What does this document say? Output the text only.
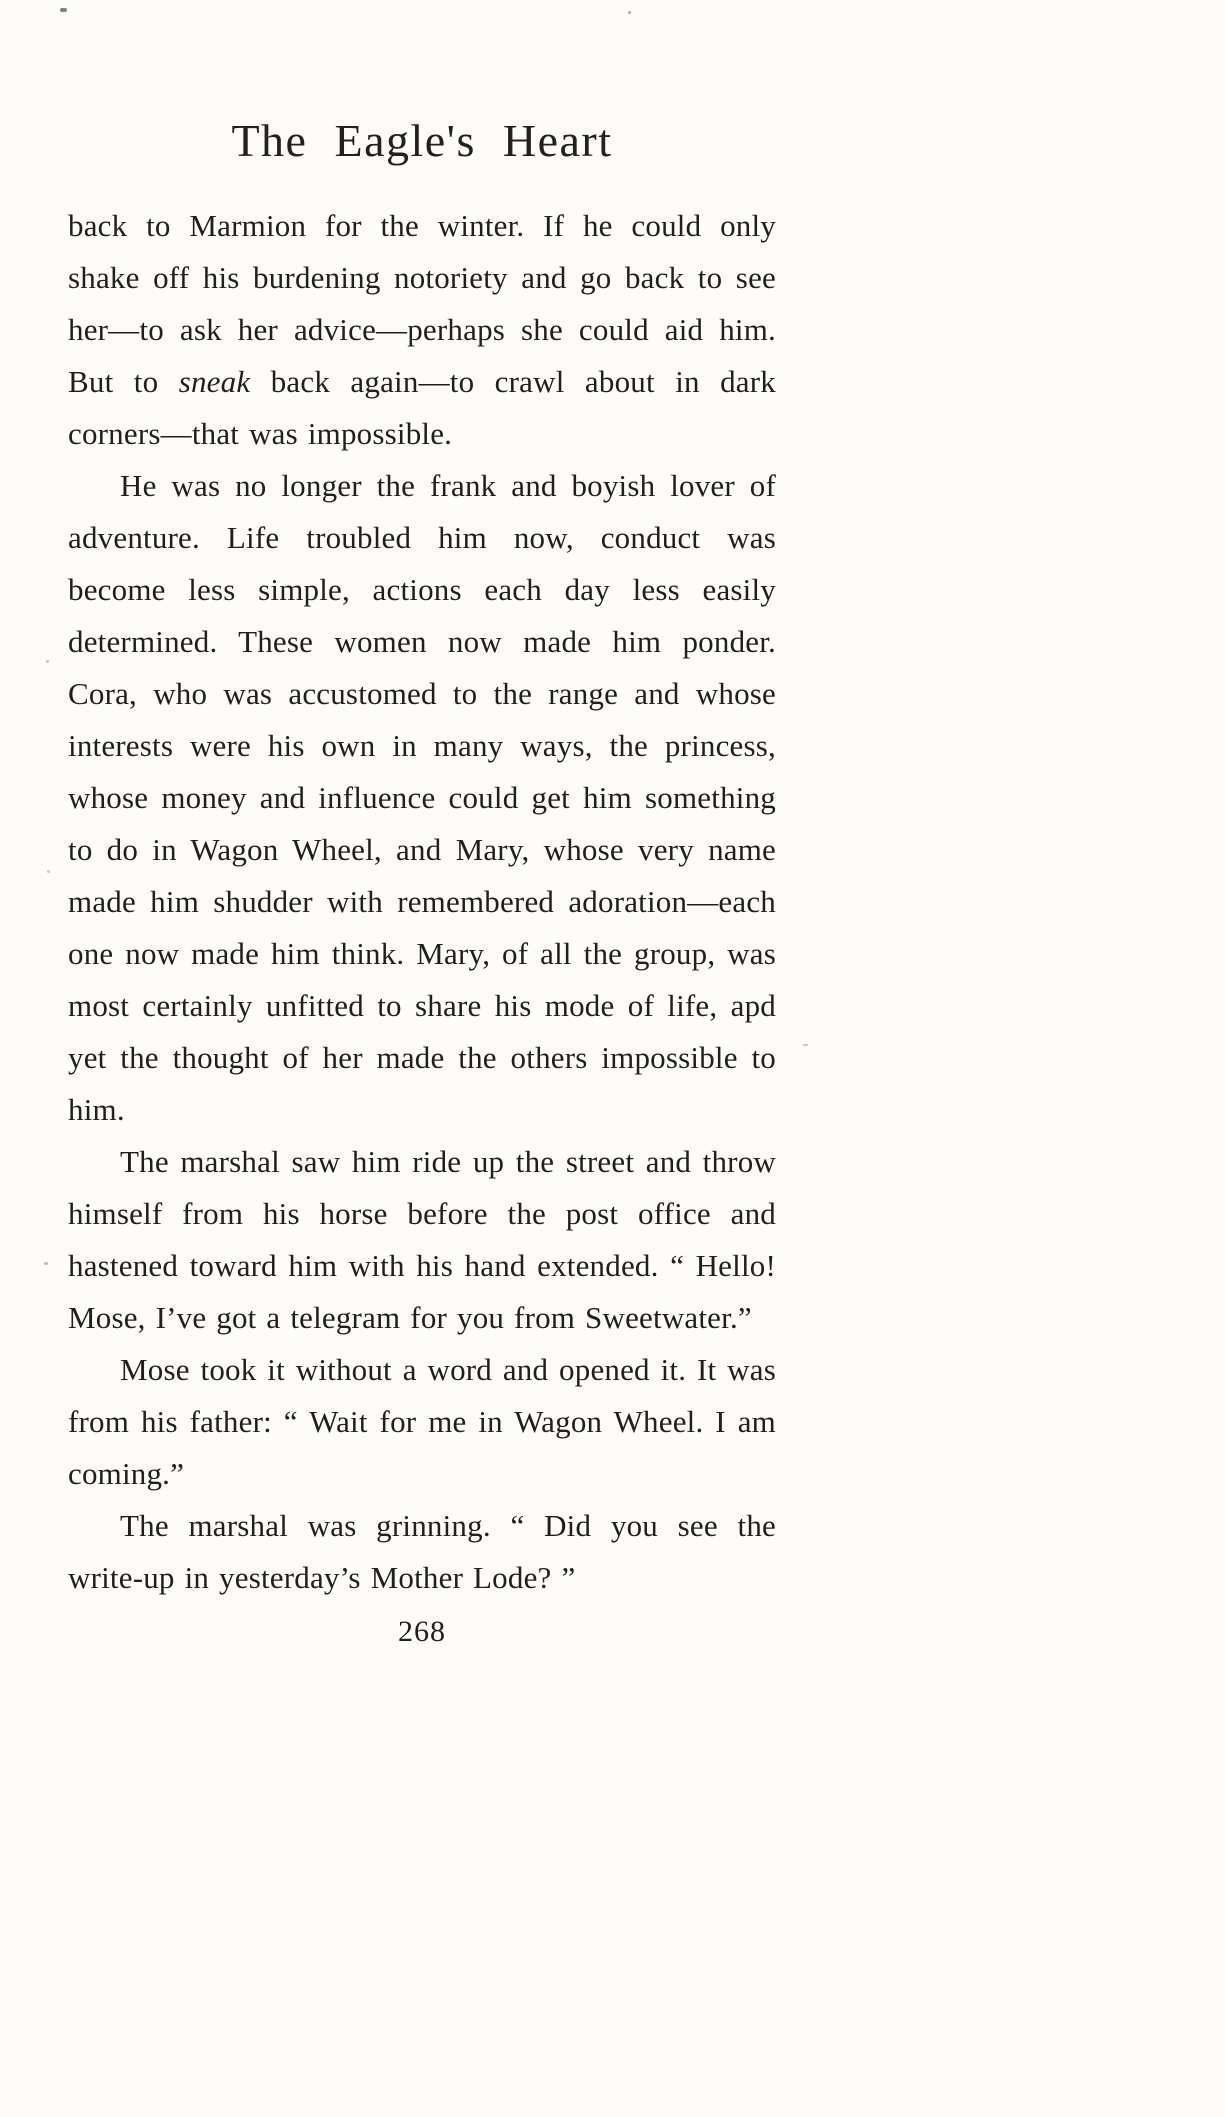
The Eagle's Heart

back to Marmion for the winter. If he could only shake off his burdening notoriety and go back to see her—to ask her advice—perhaps she could aid him. But to sneak back again—to crawl about in dark corners—that was impossible.

He was no longer the frank and boyish lover of adventure. Life troubled him now, conduct was become less simple, actions each day less easily determined. These women now made him ponder. Cora, who was accustomed to the range and whose interests were his own in many ways, the princess, whose money and influence could get him something to do in Wagon Wheel, and Mary, whose very name made him shudder with remembered adoration—each one now made him think. Mary, of all the group, was most certainly unfitted to share his mode of life, apd yet the thought of her made the others impossible to him.

The marshal saw him ride up the street and throw himself from his horse before the post office and hastened toward him with his hand extended. “ Hello! Mose, I’ve got a telegram for you from Sweetwater.”

Mose took it without a word and opened it. It was from his father: “ Wait for me in Wagon Wheel. I am coming.”

The marshal was grinning. “ Did you see the write-up in yesterday’s Mother Lode? ”

268
